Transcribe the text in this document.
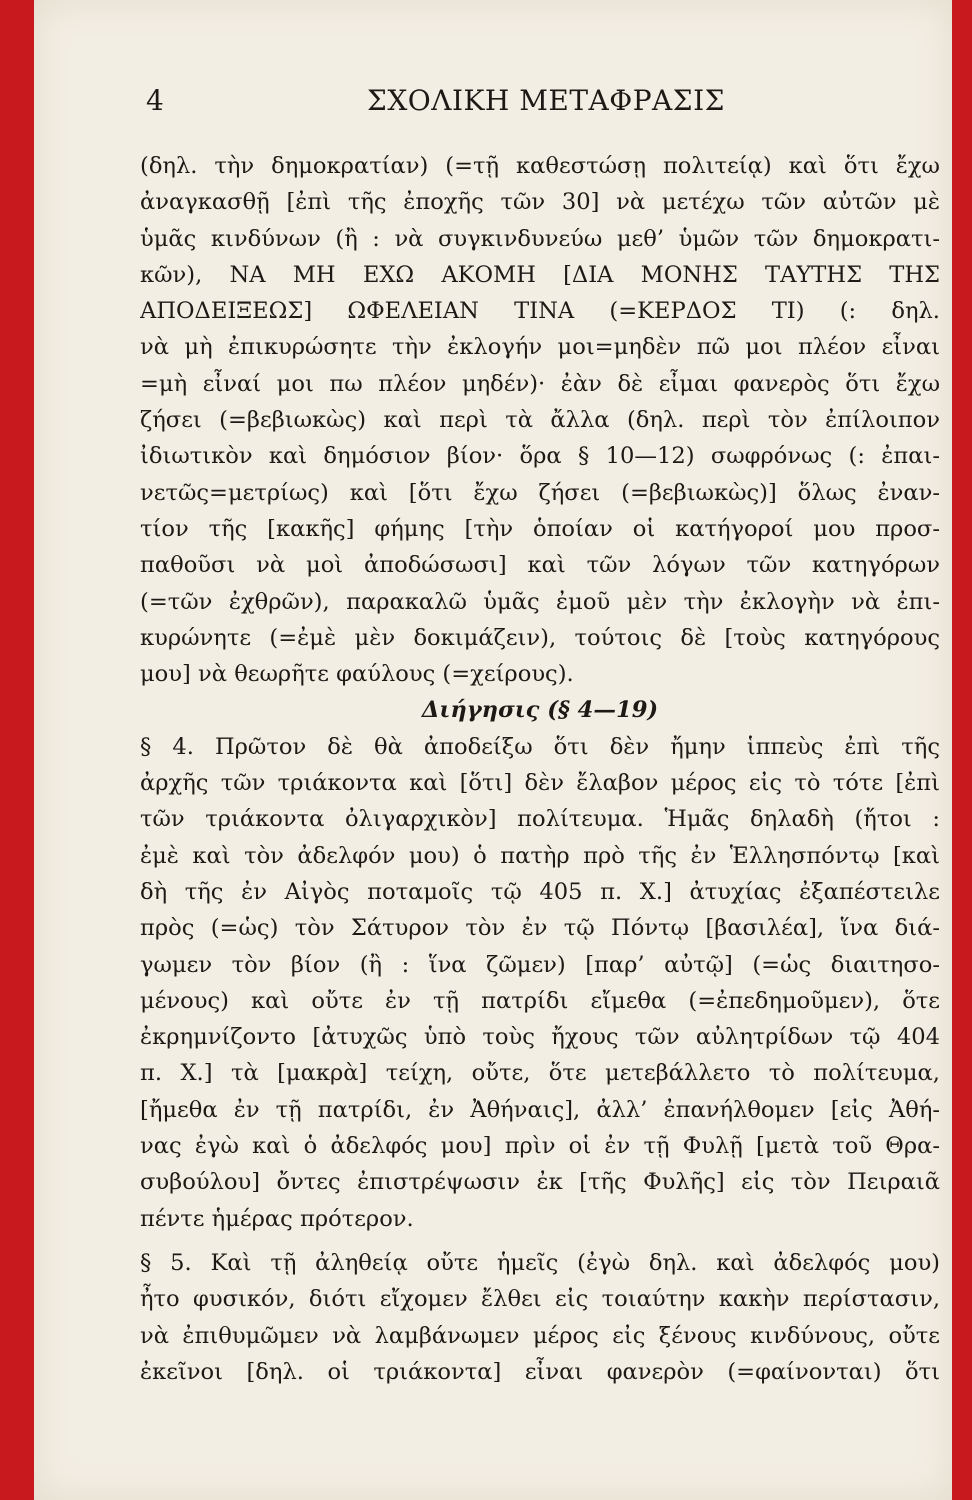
4	ΣΧΟΛΙΚΗ ΜΕΤΑΦΡΑΣΙΣ
(δηλ. τὴν δημοκρατίαν) (=τῇ καθεστώσῃ πολιτείᾳ) καὶ ὅτι ἔχω
ἀναγκασθῇ [ἐπὶ τῆς ἐποχῆς τῶν 30] νὰ μετέχω τῶν αὐτῶν μὲ
ὑμᾶς κινδύνων (ἢ : νὰ συγκινδυνεύω μεθ’ ὑμῶν τῶν δημοκρατι-
κῶν), ΝΑ ΜΗ ΕΧΩ ΑΚΟΜΗ [ΔΙΑ ΜΟΝΗΣ ΤΑΥΤΗΣ ΤΗΣ
ΑΠΟΔΕΙΞΕΩΣ] ΩΦΕΛΕΙΑΝ ΤΙΝΑ (=ΚΕΡΔΟΣ ΤΙ) (: δηλ.
νὰ μὴ ἐπικυρώσητε τὴν ἐκλογήν μοι=μηδὲν πῶ μοι πλέον εἶναι
=μὴ εἶναί μοι πω πλέον μηδέν)· ἐὰν δὲ εἶμαι φανερὸς ὅτι ἔχω
ζήσει (=βεβιωκὼς) καὶ περὶ τὰ ἄλλα (δηλ. περὶ τὸν ἐπίλοιπον
ἰδιωτικὸν καὶ δημόσιον βίον· ὅρα § 10—12) σωφρόνως (: ἐπαι-
νετῶς=μετρίως) καὶ [ὅτι ἔχω ζήσει (=βεβιωκὼς)] ὅλως ἐναν-
τίον τῆς [κακῆς] φήμης [τὴν ὁποίαν οἱ κατήγοροί μου προσ-
παθοῦσι νὰ μοὶ ἀποδώσωσι] καὶ τῶν λόγων τῶν κατηγόρων
(=τῶν ἐχθρῶν), παρακαλῶ ὑμᾶς ἐμοῦ μὲν τὴν ἐκλογὴν νὰ ἐπι-
κυρώνητε (=ἐμὲ μὲν δοκιμάζειν), τούτοις δὲ [τοὺς κατηγόρους
μου] νὰ θεωρῆτε φαύλους (=χείρους).
Διήγησις (§ 4—19)
§ 4. Πρῶτον δὲ θὰ ἀποδείξω ὅτι δὲν ἤμην ἱππεὺς ἐπὶ τῆς
ἀρχῆς τῶν τριάκοντα καὶ [ὅτι] δὲν ἔλαβον μέρος εἰς τὸ τότε [ἐπὶ
τῶν τριάκοντα ὀλιγαρχικὸν] πολίτευμα. Ἡμᾶς δηλαδὴ (ἤτοι :
ἐμὲ καὶ τὸν ἀδελφόν μου) ὁ πατὴρ πρὸ τῆς ἐν Ἑλλησπόντῳ [καὶ
δὴ τῆς ἐν Αἰγὸς ποταμοῖς τῷ 405 π. Χ.] ἀτυχίας ἐξαπέστειλε
πρὸς (=ὡς) τὸν Σάτυρον τὸν ἐν τῷ Πόντῳ [βασιλέα], ἵνα διά-
γωμεν τὸν βίον (ἢ : ἵνα ζῶμεν) [παρ’ αὐτῷ] (=ὡς διαιτησο-
μένους) καὶ οὔτε ἐν τῇ πατρίδι εἴμεθα (=ἐπεδημοῦμεν), ὅτε
ἐκρημνίζοντο [ἀτυχῶς ὑπὸ τοὺς ἤχους τῶν αὐλητρίδων τῷ 404
π. Χ.] τὰ [μακρὰ] τείχη, οὔτε, ὅτε μετεβάλλετο τὸ πολίτευμα,
[ἤμεθα ἐν τῇ πατρίδι, ἐν Ἀθήναις], ἀλλ’ ἐπανήλθομεν [εἰς Ἀθή-
νας ἐγὼ καὶ ὁ ἀδελφός μου] πρὶν οἱ ἐν τῇ Φυλῇ [μετὰ τοῦ Θρα-
συβούλου] ὄντες ἐπιστρέψωσιν ἐκ [τῆς Φυλῆς] εἰς τὸν Πειραιᾶ
πέντε ἡμέρας πρότερον.
§ 5. Καὶ τῇ ἀληθείᾳ οὔτε ἡμεῖς (ἐγὼ δηλ. καὶ ἀδελφός μου)
ἦτο φυσικόν, διότι εἴχομεν ἔλθει εἰς τοιαύτην κακὴν περίστασιν,
νὰ ἐπιθυμῶμεν νὰ λαμβάνωμεν μέρος εἰς ξένους κινδύνους, οὔτε
ἐκεῖνοι [δηλ. οἱ τριάκοντα] εἶναι φανερὸν (=φαίνονται) ὅτι
